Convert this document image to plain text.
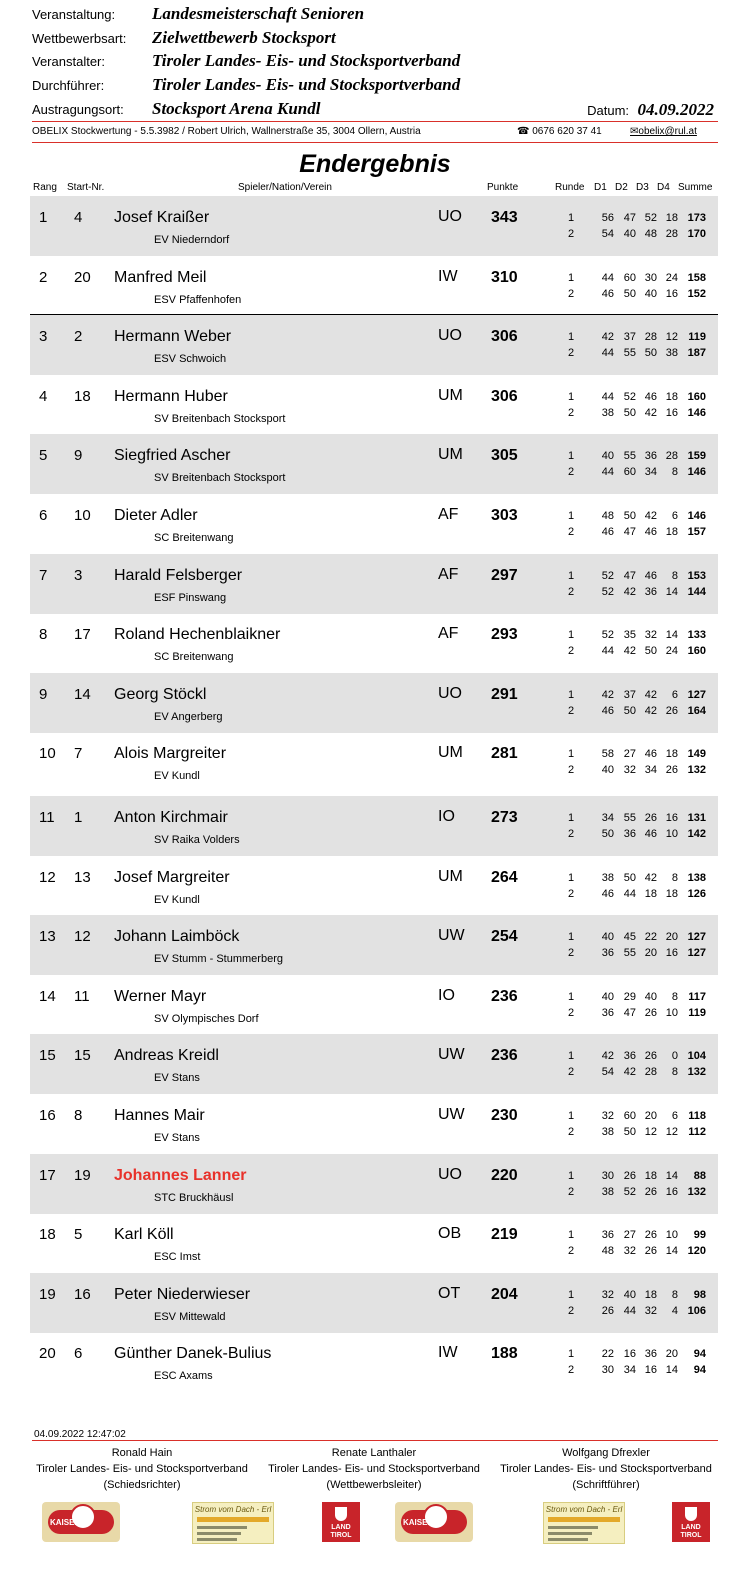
Veranstaltung: Landesmeisterschaft Senioren
Wettbewerbsart: Zielwettbewerb Stocksport
Veranstalter:	Tiroler Landes- Eis- und Stocksportverband
Durchführer:	Tiroler Landes- Eis- und Stocksportverband
Austragungsort: Stocksport Arena Kundl	Datum: 04.09.2022
OBELIX Stockwertung - 5.5.3982 / Robert Ulrich, Wallnerstraße 35, 3004 Ollern, Austria	☎ 0676 620 37 41	✉obelix@rul.at
Endergebnis
Rang Start-Nr.	Spieler/Nation/Verein	Punkte	Runde D1 D2 D3 D4 Summe
1 4 Josef Kraißer
EV Niederndorf
UO 343	1	56 47 52 18 173
2	54 40 48 28 170
2 20 Manfred Meil
ESV Pfaffenhofen
IW 310	1	44 60 30 24 158
2	46 50 40 16 152
3 2 Hermann Weber
ESV Schwoich
UO 306	1	42 37 28 12 119
2	44 55 50 38 187
4 18 Hermann Huber
SV Breitenbach Stocksport
UM 306	1	44 52 46 18 160
2	38 50 42 16 146
5 9 Siegfried Ascher
SV Breitenbach Stocksport
UM 305	1	40 55 36 28 159
2	44 60 34	8 146
6 10 Dieter Adler
SC Breitenwang
AF 303	1	48 50 42	6 146
2	46 47 46 18 157
7 3 Harald Felsberger
ESF Pinswang
AF 297	1	52 47 46	8 153
2	52 42 36 14 144
8 17 Roland Hechenblaikner
SC Breitenwang
AF 293	1	52 35 32 14 133
2	44 42 50 24 160
9 14 Georg Stöckl
EV Angerberg
UO 291	1	42 37 42	6 127
2	46 50 42 26 164
10 7 Alois Margreiter
EV Kundl
UM 281	1	58 27 46 18 149
2	40 32 34 26 132
11 1 Anton Kirchmair
SV Raika Volders
IO 273	1	34 55 26 16 131
2	50 36 46 10 142
12 13 Josef Margreiter
EV Kundl
UM 264	1	38 50 42	8 138
2	46 44 18 18 126
13 12 Johann Laimböck
EV Stumm - Stummerberg
UW 254	1	40 45 22 20 127
2	36 55 20 16 127
14 11 Werner Mayr
SV Olympisches Dorf
IO 236	1	40 29 40	8 117
2	36 47 26 10 119
15 15 Andreas Kreidl
EV Stans
UW 236	1	42 36 26	0 104
2	54 42 28	8 132
16 8 Hannes Mair
EV Stans
UW 230	1	32 60 20	6 118
2	38 50 12 12 112
17 19 Johannes Lanner
STC Bruckhäusl
UO 220	1	30 26 18 14	88
2	38 52 26 16 132
18 5 Karl Köll
ESC Imst
OB 219	1	36 27 26 10	99
2	48 32 26 14 120
19 16 Peter Niederwieser
ESV Mittewald
OT 204	1	32 40 18	8	98
2	26 44 32	4 106
20 6 Günther Danek-Bulius
ESC Axams
IW 188	1	22 16 36 20	94
2	30 34 16 14	94
04.09.2022 12:47:02
Ronald Hain
Tiroler Landes- Eis- und Stocksportverband
(Schiedsrichter)
Renate Lanthaler
Tiroler Landes- Eis- und Stocksportverband
(Wettbewerbsleiter)
Wolfgang Dfrexler
Tiroler Landes- Eis- und Stocksportverband
(Schriftführer)
KAISER
Strom vom Dach - Erl
LAND TIROL
KAISER
Strom vom Dach - Erl
LAND TIROL
